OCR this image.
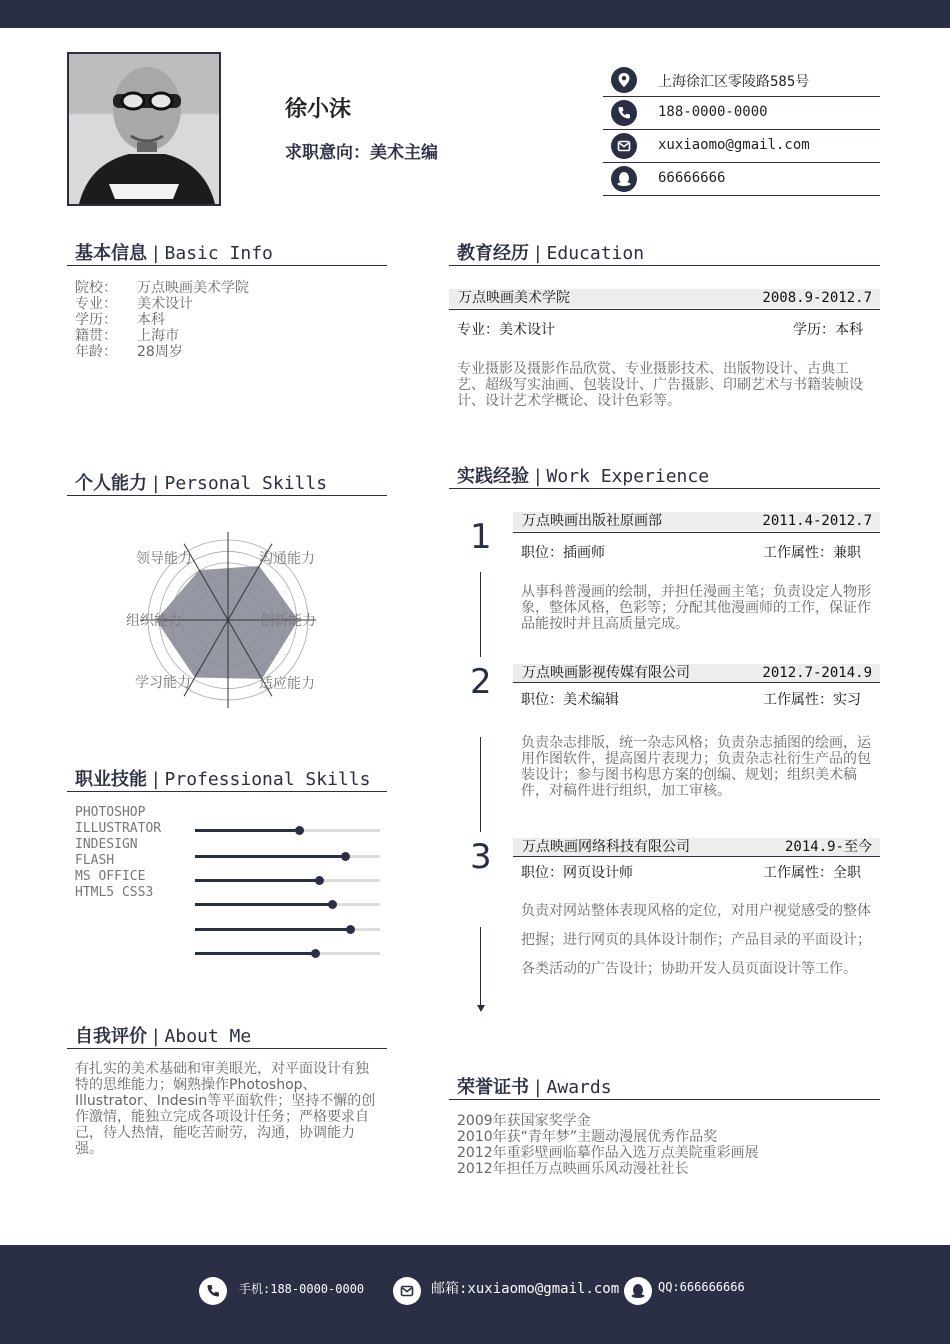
徐小沫
求职意向：美术主编
上海徐汇区零陵路585号
188-0000-0000
xuxiaomo@gmail.com
66666666
基本信息 | Basic Info
院校： 万点映画美术学院
专业： 美术设计
学历： 本科
籍贯： 上海市
年龄： 28周岁
教育经历 | Education
万点映画美术学院	2008.9-2012.7
专业：美术设计	学历：本科
专业摄影及摄影作品欣赏、专业摄影技术、出版物设计、古典工艺、超级写实油画、包装设计、广告摄影、印刷艺术与书籍装帧设计、设计艺术学概论、设计色彩等。
个人能力 | Personal Skills
领导能力	沟通能力
创新能力
适应能力
学习能力
组织能力
职业技能 | Professional Skills
PHOTOSHOP
ILLUSTRATOR
INDESIGN
FLASH
MS OFFICE
HTML5 CSS3
实践经验 | Work Experience
1 万点映画出版社原画部	2011.4-2012.7
职位：插画师	工作属性：兼职
从事科普漫画的绘制，并担任漫画主笔；负责设定人物形象，整体风格，色彩等；分配其他漫画师的工作，保证作品能按时并且高质量完成。
2 万点映画影视传媒有限公司	2012.7-2014.9
职位：美术编辑	工作属性：实习
负责杂志排版，统一杂志风格；负责杂志插图的绘画，运用作图软件，提高图片表现力；负责杂志社衍生产品的包装设计；参与图书构思方案的创编、规划；组织美术稿件，对稿件进行组织，加工审核。
3 万点映画网络科技有限公司	2014.9-至今
职位：网页设计师	工作属性：全职
负责对网站整体表现风格的定位，对用户视觉感受的整体把握；进行网页的具体设计制作；产品目录的平面设计；各类活动的广告设计；协助开发人员页面设计等工作。
自我评价 | About Me
有扎实的美术基础和审美眼光，对平面设计有独特的思维能力；娴熟操作Photoshop、Illustrator、Indesin等平面软件；坚持不懈的创作激情，能独立完成各项设计任务；严格要求自己，待人热情，能吃苦耐劳，沟通，协调能力强。
荣誉证书 | Awards
2009年获国家奖学金
2010年获“青年梦”主题动漫展优秀作品奖
2012年重彩壁画临摹作品入选万点美院重彩画展
2012年担任万点映画乐风动漫社社长
手机:188-0000-0000	邮箱:xuxiaomo@gmail.com	QQ:666666666
